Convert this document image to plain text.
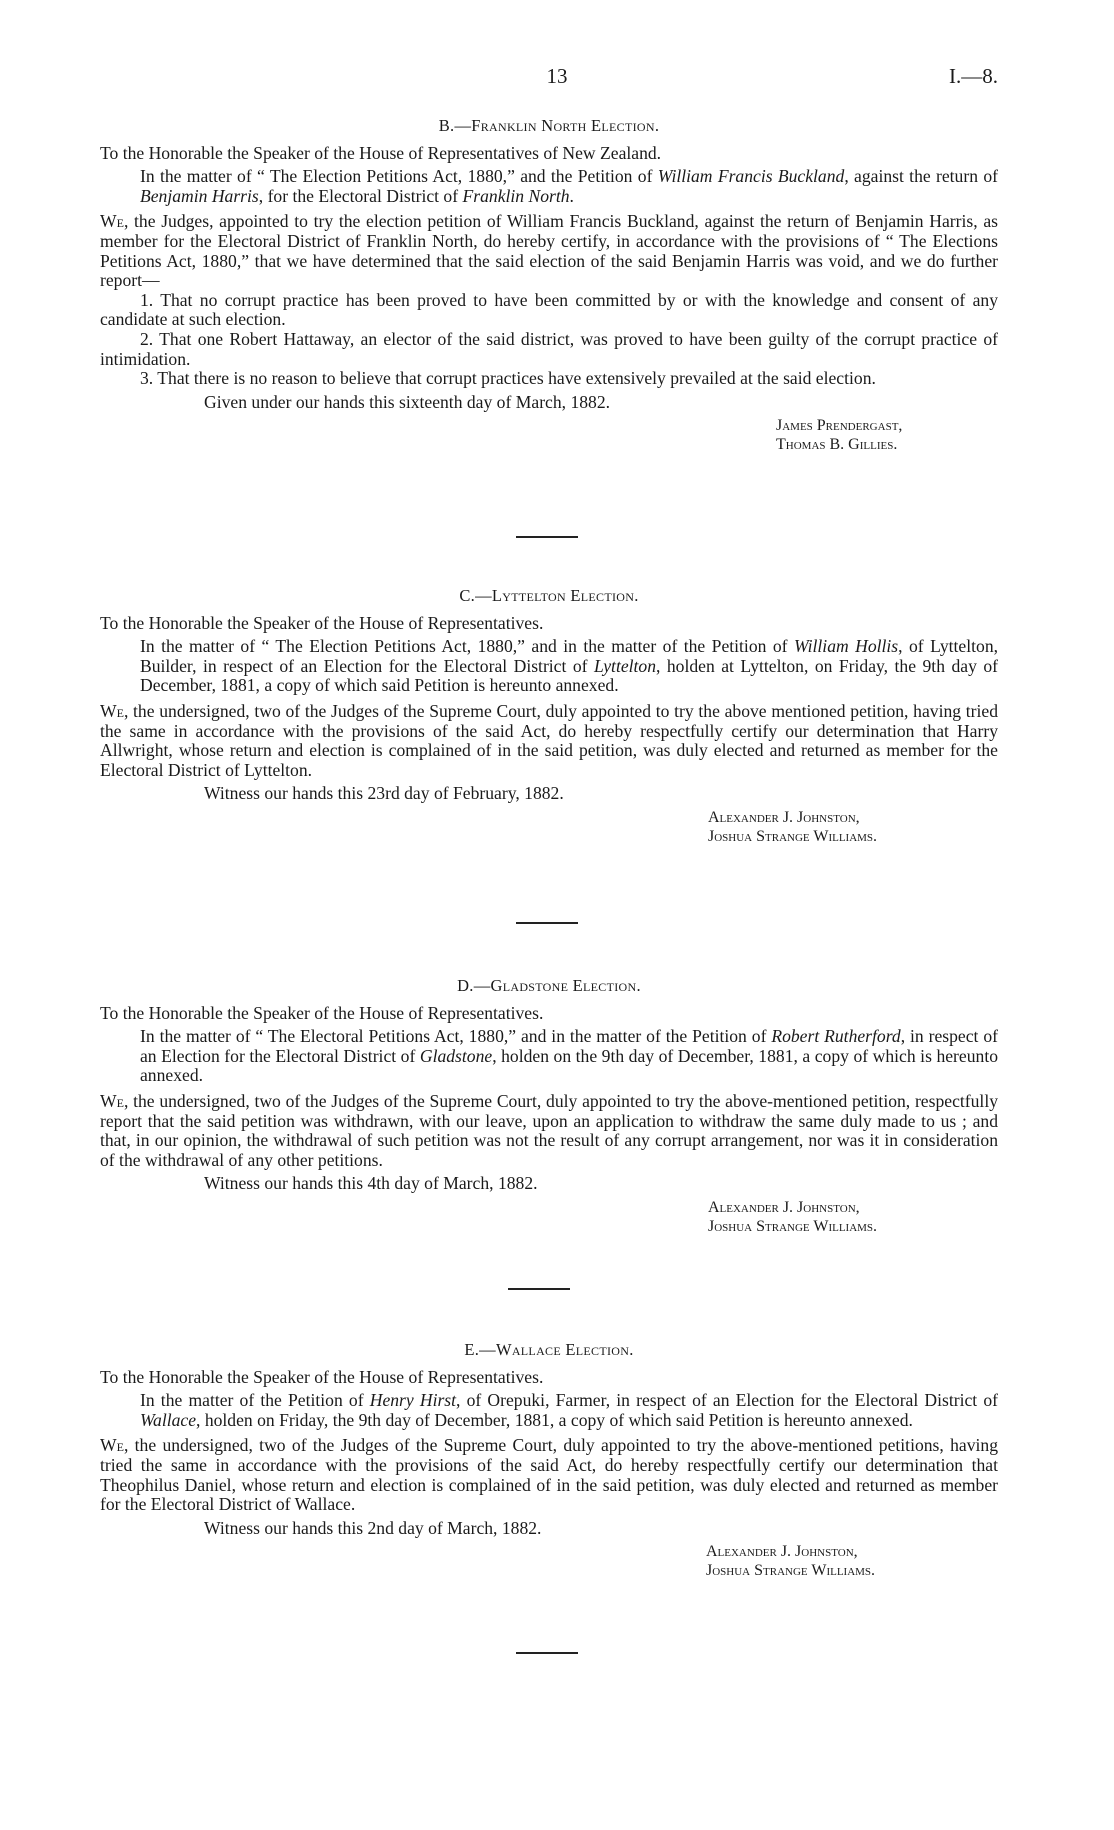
13	I.—8.
B.—Franklin North Election.

To the Honorable the Speaker of the House of Representatives of New Zealand.

In the matter of “ The Election Petitions Act, 1880,” and the Petition of William Francis Buckland, against the return of Benjamin Harris, for the Electoral District of Franklin North.

We, the Judges, appointed to try the election petition of William Francis Buckland, against the return of Benjamin Harris, as member for the Electoral District of Franklin North, do hereby certify, in accordance with the provisions of “ The Elections Petitions Act, 1880,” that we have determined that the said election of the said Benjamin Harris was void, and we do further report—

1. That no corrupt practice has been proved to have been committed by or with the knowledge and consent of any candidate at such election.

2. That one Robert Hattaway, an elector of the said district, was proved to have been guilty of the corrupt practice of intimidation.

3. That there is no reason to believe that corrupt practices have extensively prevailed at the said election.

Given under our hands this sixteenth day of March, 1882.

James Prendergast,
Thomas B. Gillies.
C.—Lyttelton Election.

To the Honorable the Speaker of the House of Representatives.

In the matter of “ The Election Petitions Act, 1880,” and in the matter of the Petition of William Hollis, of Lyttelton, Builder, in respect of an Election for the Electoral District of Lyttelton, holden at Lyttelton, on Friday, the 9th day of December, 1881, a copy of which said Petition is hereunto annexed.

We, the undersigned, two of the Judges of the Supreme Court, duly appointed to try the above mentioned petition, having tried the same in accordance with the provisions of the said Act, do hereby respectfully certify our determination that Harry Allwright, whose return and election is complained of in the said petition, was duly elected and returned as member for the Electoral District of Lyttelton.

Witness our hands this 23rd day of February, 1882.

Alexander J. Johnston,
Joshua Strange Williams.
D.—Gladstone Election.

To the Honorable the Speaker of the House of Representatives.

In the matter of “ The Electoral Petitions Act, 1880,” and in the matter of the Petition of Robert Rutherford, in respect of an Election for the Electoral District of Gladstone, holden on the 9th day of December, 1881, a copy of which is hereunto annexed.

We, the undersigned, two of the Judges of the Supreme Court, duly appointed to try the above-mentioned petition, respectfully report that the said petition was withdrawn, with our leave, upon an application to withdraw the same duly made to us ; and that, in our opinion, the withdrawal of such petition was not the result of any corrupt arrangement, nor was it in consideration of the withdrawal of any other petitions.

Witness our hands this 4th day of March, 1882.

Alexander J. Johnston,
Joshua Strange Williams.
E.—Wallace Election.

To the Honorable the Speaker of the House of Representatives.

In the matter of the Petition of Henry Hirst, of Orepuki, Farmer, in respect of an Election for the Electoral District of Wallace, holden on Friday, the 9th day of December, 1881, a copy of which said Petition is hereunto annexed.

We, the undersigned, two of the Judges of the Supreme Court, duly appointed to try the above-mentioned petitions, having tried the same in accordance with the provisions of the said Act, do hereby respectfully certify our determination that Theophilus Daniel, whose return and election is complained of in the said petition, was duly elected and returned as member for the Electoral District of Wallace.

Witness our hands this 2nd day of March, 1882.

Alexander J. Johnston,
Joshua Strange Williams.
